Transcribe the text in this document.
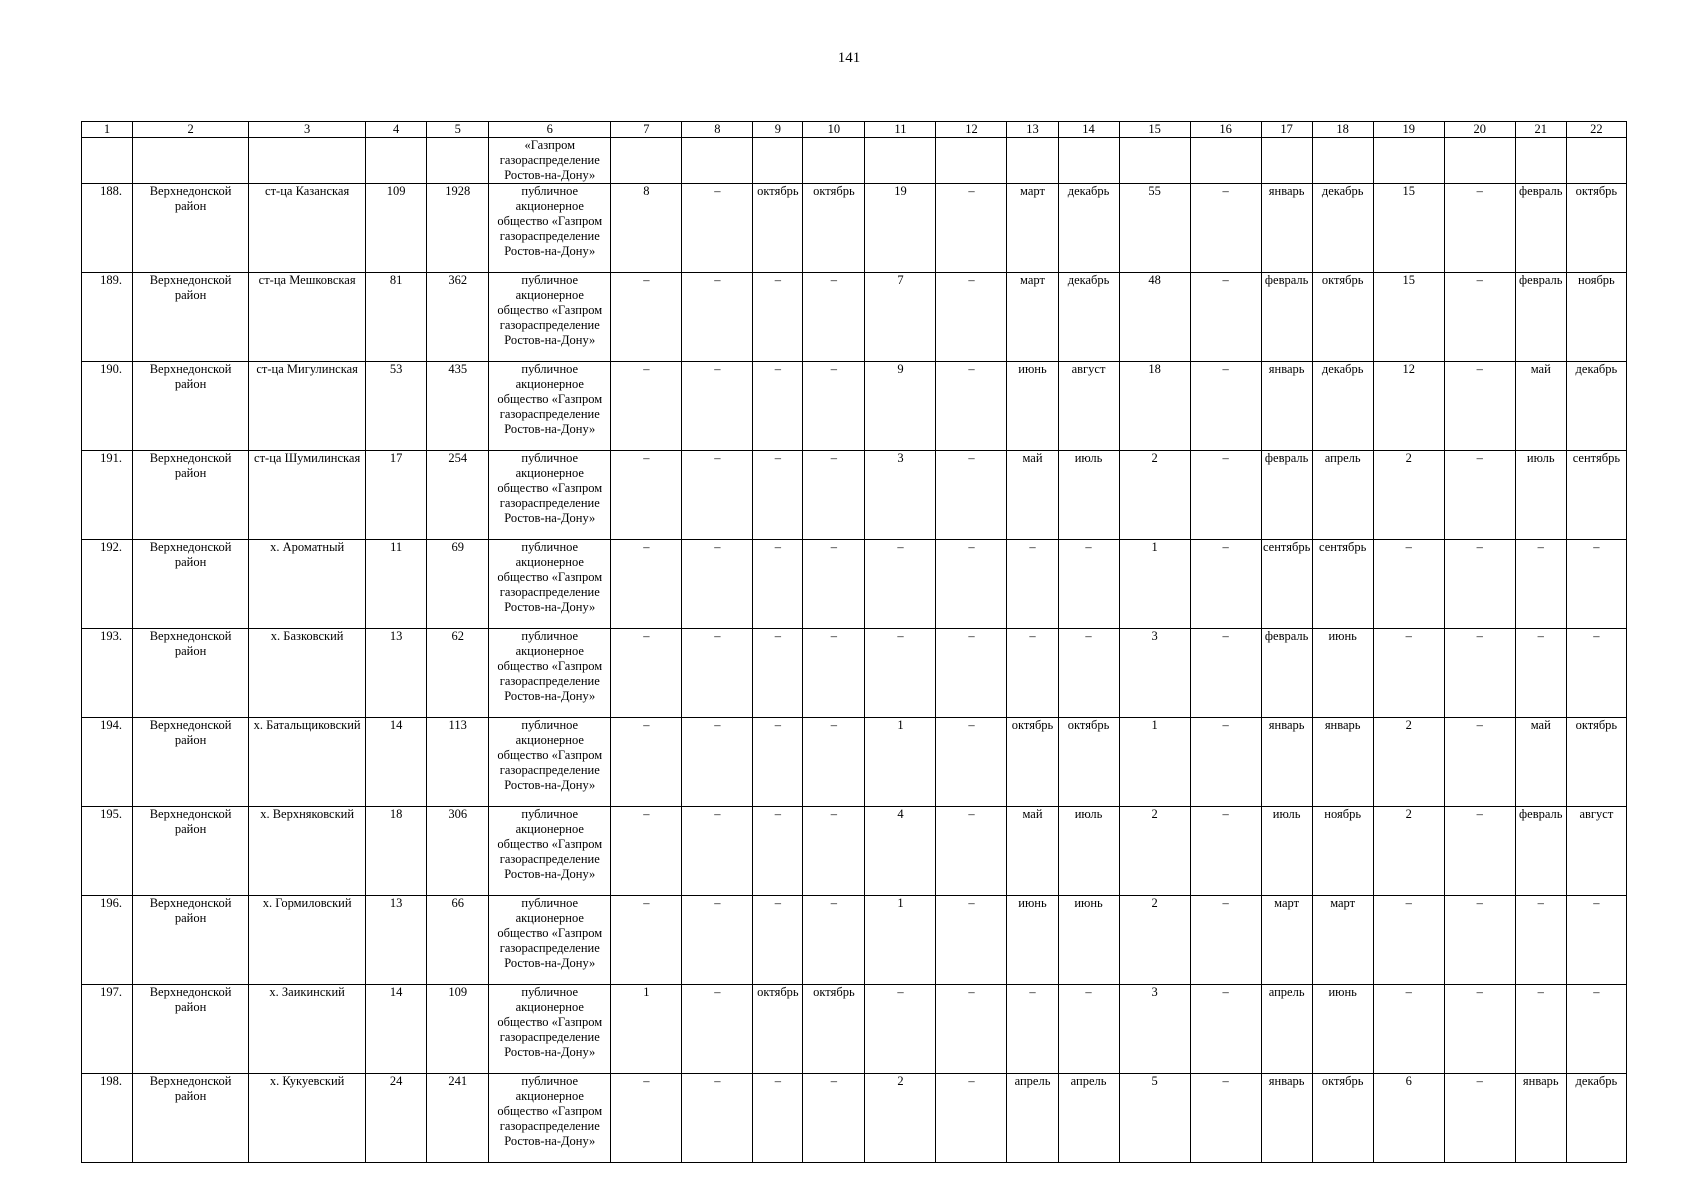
141
1	2	3	4	5	6	7	8	9	10	11	12	13	14	15	16	17	18	19	20	21	22
					«Газпром газораспределение Ростов-на-Дону»																
188.	Верхнедонской район	ст-ца Казанская	109	1928	публичное акционерное общество «Газпром газораспределение Ростов-на-Дону»	8	–	октябрь	октябрь	19	–	март	декабрь	55	–	январь	декабрь	15	–	февраль	октябрь
189.	Верхнедонской район	ст-ца Мешковская	81	362	публичное акционерное общество «Газпром газораспределение Ростов-на-Дону»	–	–	–	–	7	–	март	декабрь	48	–	февраль	октябрь	15	–	февраль	ноябрь
190.	Верхнедонской район	ст-ца Мигулинская	53	435	публичное акционерное общество «Газпром газораспределение Ростов-на-Дону»	–	–	–	–	9	–	июнь	август	18	–	январь	декабрь	12	–	май	декабрь
191.	Верхнедонской район	ст-ца Шумилинская	17	254	публичное акционерное общество «Газпром газораспределение Ростов-на-Дону»	–	–	–	–	3	–	май	июль	2	–	февраль	апрель	2	–	июль	сентябрь
192.	Верхнедонской район	х. Ароматный	11	69	публичное акционерное общество «Газпром газораспределение Ростов-на-Дону»	–	–	–	–	–	–	–	–	1	–	сентябрь	сентябрь	–	–	–	–
193.	Верхнедонской район	х. Базковский	13	62	публичное акционерное общество «Газпром газораспределение Ростов-на-Дону»	–	–	–	–	–	–	–	–	3	–	февраль	июнь	–	–	–	–
194.	Верхнедонской район	х. Батальщиковский	14	113	публичное акционерное общество «Газпром газораспределение Ростов-на-Дону»	–	–	–	–	1	–	октябрь	октябрь	1	–	январь	январь	2	–	май	октябрь
195.	Верхнедонской район	х. Верхняковский	18	306	публичное акционерное общество «Газпром газораспределение Ростов-на-Дону»	–	–	–	–	4	–	май	июль	2	–	июль	ноябрь	2	–	февраль	август
196.	Верхнедонской район	х. Гормиловский	13	66	публичное акционерное общество «Газпром газораспределение Ростов-на-Дону»	–	–	–	–	1	–	июнь	июнь	2	–	март	март	–	–	–	–
197.	Верхнедонской район	х. Заикинский	14	109	публичное акционерное общество «Газпром газораспределение Ростов-на-Дону»	1	–	октябрь	октябрь	–	–	–	–	3	–	апрель	июнь	–	–	–	–
198.	Верхнедонской район	х. Кукуевский	24	241	публичное акционерное общество «Газпром газораспределение Ростов-на-Дону»	–	–	–	–	2	–	апрель	апрель	5	–	январь	октябрь	6	–	январь	декабрь
